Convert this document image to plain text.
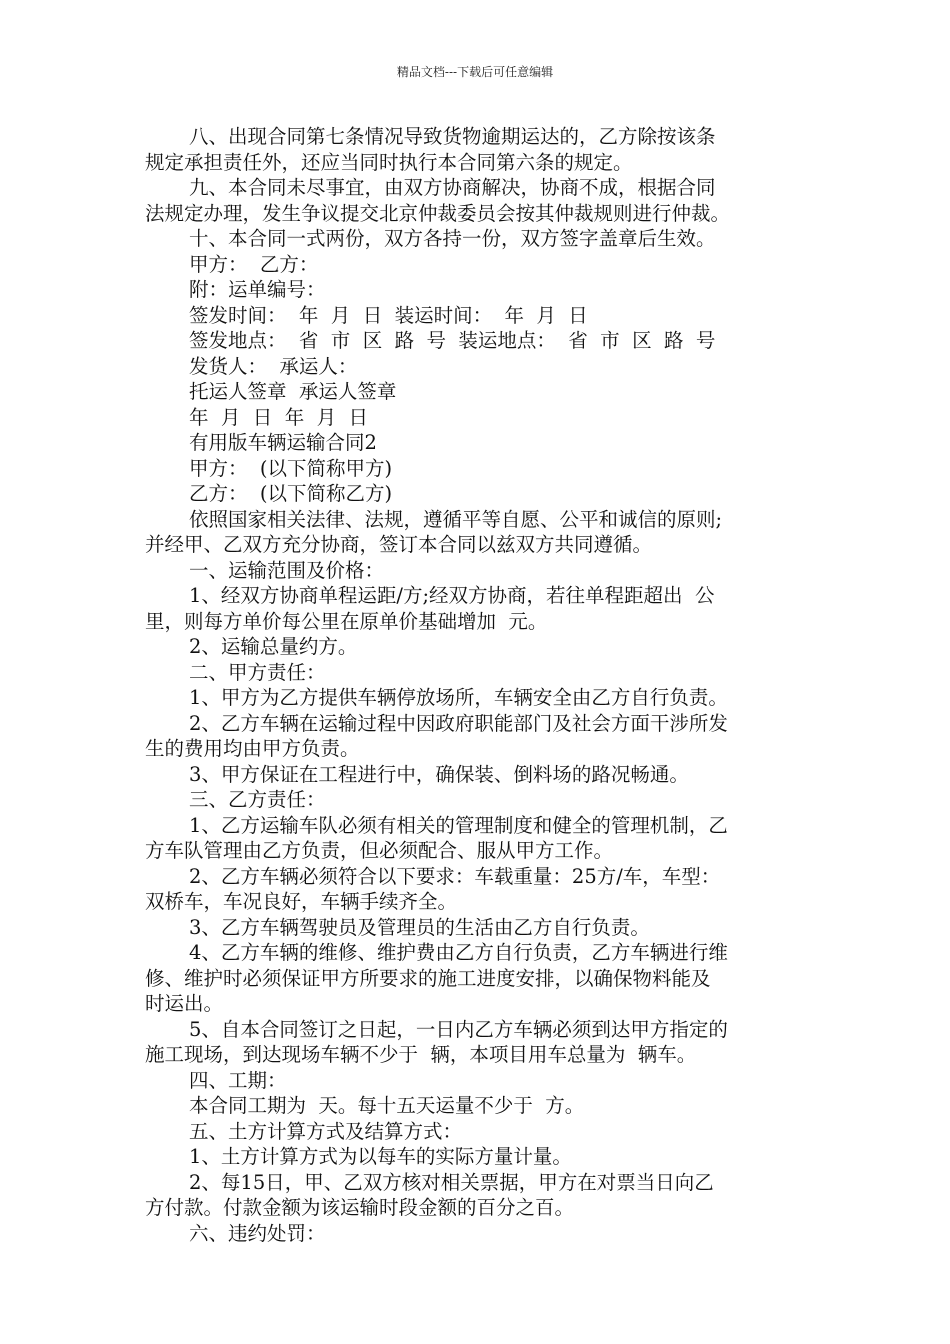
精品文档---下载后可任意编辑
八、出现合同第七条情况导致货物逾期运达的，乙方除按该条
规定承担责任外，还应当同时执行本合同第六条的规定。
九、本合同未尽事宜，由双方协商解决，协商不成，根据合同
法规定办理，发生争议提交北京仲裁委员会按其仲裁规则进行仲裁。
十、本合同一式两份，双方各持一份，双方签字盖章后生效。
甲方：  乙方：
附：运单编号：
签发时间：  年  月  日  装运时间：  年  月  日
签发地点：  省  市  区  路  号  装运地点：  省  市  区  路  号
发货人：  承运人：
托运人签章  承运人签章
年  月  日  年  月  日
有用版车辆运输合同2
甲方：  (以下简称甲方)
乙方：  (以下简称乙方)
依照国家相关法律、法规，遵循平等自愿、公平和诚信的原则;
并经甲、乙双方充分协商，签订本合同以兹双方共同遵循。
一、运输范围及价格：
1、经双方协商单程运距/方;经双方协商，若往单程距超出  公
里，则每方单价每公里在原单价基础增加  元。
2、运输总量约方。
二、甲方责任：
1、甲方为乙方提供车辆停放场所，车辆安全由乙方自行负责。
2、乙方车辆在运输过程中因政府职能部门及社会方面干涉所发
生的费用均由甲方负责。
3、甲方保证在工程进行中，确保装、倒料场的路况畅通。
三、乙方责任：
1、乙方运输车队必须有相关的管理制度和健全的管理机制，乙
方车队管理由乙方负责，但必须配合、服从甲方工作。
2、乙方车辆必须符合以下要求：车载重量：25方/车，车型：
双桥车，车况良好，车辆手续齐全。
3、乙方车辆驾驶员及管理员的生活由乙方自行负责。
4、乙方车辆的维修、维护费由乙方自行负责，乙方车辆进行维
修、维护时必须保证甲方所要求的施工进度安排，以确保物料能及
时运出。
5、自本合同签订之日起，一日内乙方车辆必须到达甲方指定的
施工现场，到达现场车辆不少于  辆，本项目用车总量为  辆车。
四、工期：
本合同工期为  天。每十五天运量不少于  方。
五、土方计算方式及结算方式：
1、土方计算方式为以每车的实际方量计量。
2、每15日，甲、乙双方核对相关票据，甲方在对票当日向乙
方付款。付款金额为该运输时段金额的百分之百。
六、违约处罚：
